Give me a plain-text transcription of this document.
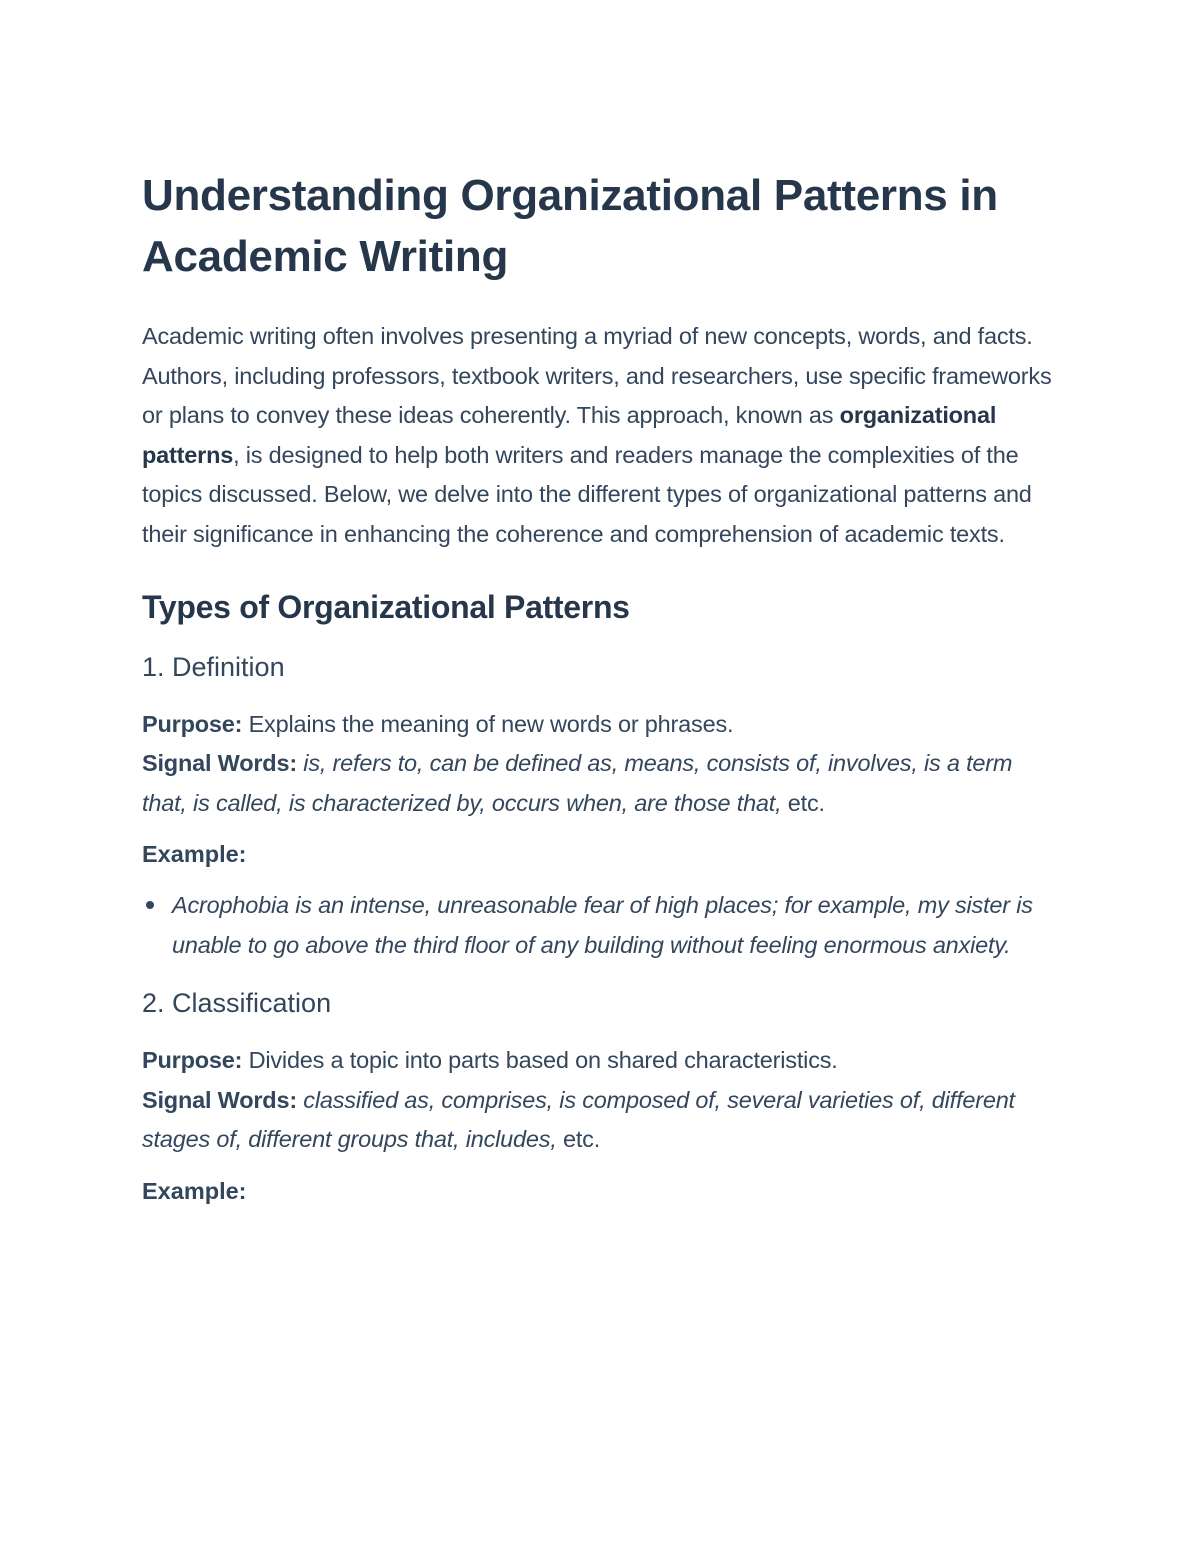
Understanding Organizational Patterns in Academic Writing

Academic writing often involves presenting a myriad of new concepts, words, and facts. Authors, including professors, textbook writers, and researchers, use specific frameworks or plans to convey these ideas coherently. This approach, known as organizational patterns, is designed to help both writers and readers manage the complexities of the topics discussed. Below, we delve into the different types of organizational patterns and their significance in enhancing the coherence and comprehension of academic texts.

Types of Organizational Patterns
1. Definition

Purpose: Explains the meaning of new words or phrases.
Signal Words: is, refers to, can be defined as, means, consists of, involves, is a term that, is called, is characterized by, occurs when, are those that, etc.

Example:

Acrophobia is an intense, unreasonable fear of high places; for example, my sister is unable to go above the third floor of any building without feeling enormous anxiety.
2. Classification

Purpose: Divides a topic into parts based on shared characteristics.
Signal Words: classified as, comprises, is composed of, several varieties of, different stages of, different groups that, includes, etc.

Example:
